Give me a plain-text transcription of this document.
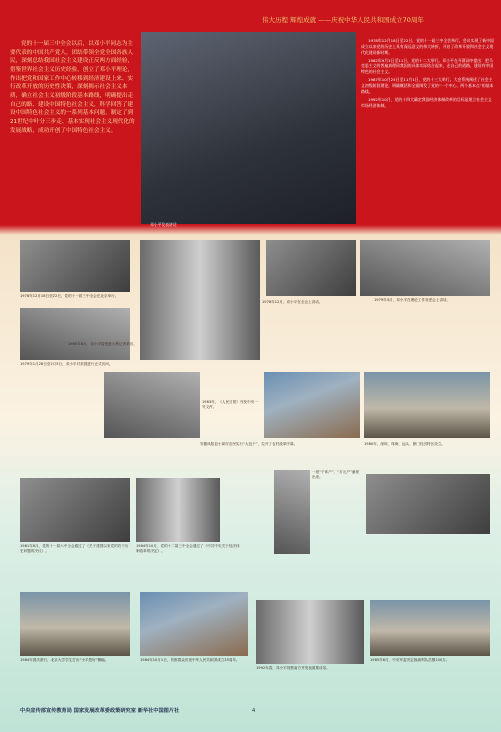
伟大历程 辉煌成就 ——庆祝中华人民共和国成立70周年
党的十一届三中全会以后，以邓小平同志为主要代表的中国共产党人，团结带领全党全国各族人民，深刻总结我国社会主义建设正反两方面经验，借鉴世界社会主义历史经验，创立了邓小平理论，作出把党和国家工作中心转移到经济建设上来、实行改革开放的历史性决策，深刻揭示社会主义本质，确立社会主义初级阶段基本路线，明确提出走自己的路、建设中国特色社会主义，科学回答了建设中国特色社会主义的一系列基本问题，制定了到21世纪中叶分三步走、基本实现社会主义现代化的发展战略，成功开创了中国特色社会主义。
邓小平发表讲话

1978年12月18日至22日，党的十一届三中全会举行。会议实现了新中国成立以来党的历史上具有深远意义的伟大转折，开启了改革开放和社会主义现代化建设新时期。

1982年9月1日至11日，党的十二大举行。邓小平在开幕词中提出：把马克思主义的普遍真理同我国的具体实际结合起来，走自己的道路，建设有中国特色的社会主义。

1987年10月25日至11月1日，党的十三大举行。大会系统阐述了社会主义初级阶段理论，明确概括和全面阐发了党的“一个中心、两个基本点”的基本路线。

1992年10月，党的十四大确定我国经济体制改革的目标是建立社会主义市场经济体制。

1978年12月18日至22日，党的十一届三中全会在北京举行。
1979年1月28日至2月5日，邓小平对美国进行正式访问。
1978年12月，邓小平在全会上讲话。	1979年3月，邓小平在理论工作务虚会上讲话。
1980年8月，邓小平接受意大利记者采访。
1983年，《人民日报》刊发中央一号文件。
安徽凤阳县小岗村农民实行“大包干”，拉开了农村改革序幕。	1980年，深圳、珠海、汕头、厦门经济特区设立。
1981年6月，党的十一届六中全会通过了《关于建国以来党的若干历史问题的决议》。
1984年10月，党的十二届三中全会通过了《中共中央关于经济体制改革的决定》。
一批“个体户”、“万元户”涌现出来。
1984年国庆游行，北京大学学生打出“小平您好”横幅。	1984年10月1日，首都群众庆祝中华人民共和国成立35周年。
1992年春，邓小平视察南方并发表重要谈话。
1985年6月，中央军委决定裁减军队员额100万。
中央宣传部宣传教育局 国家发展改革委政策研究室 新华社中国图片社	4
